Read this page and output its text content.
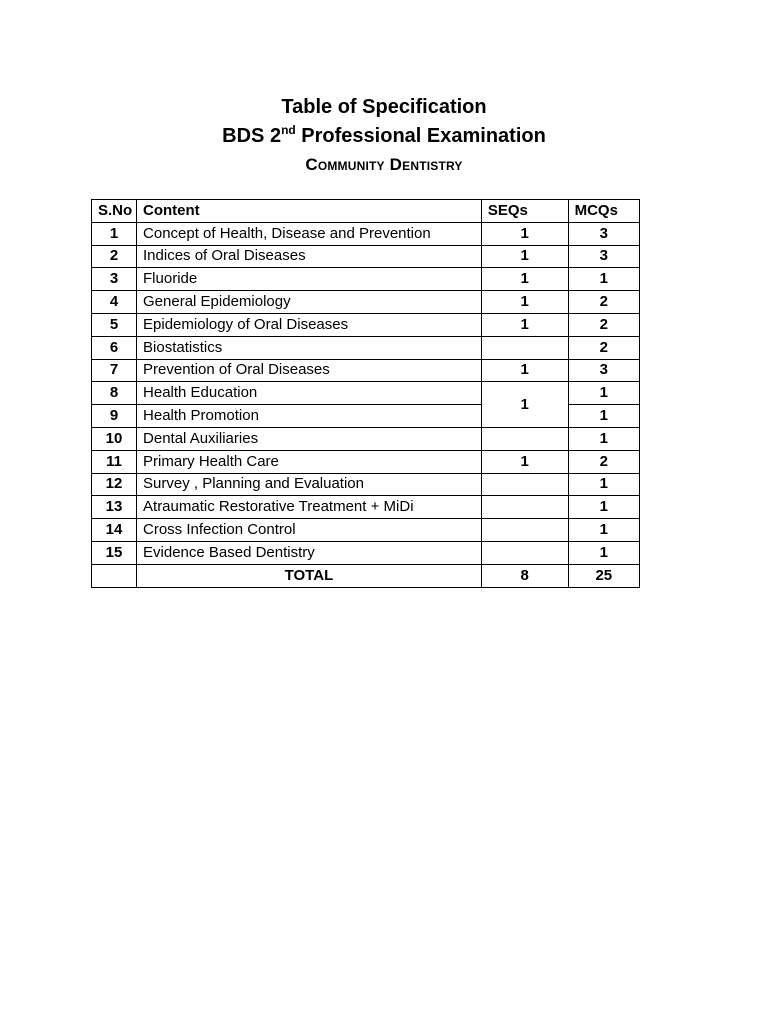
Table of Specification
BDS 2nd Professional Examination
Community Dentistry
S.No	Content	SEQs	MCQs
1	Concept of Health, Disease and Prevention	1	3
2	Indices of Oral Diseases	1	3
3	Fluoride	1	1
4	General Epidemiology	1	2
5	Epidemiology of Oral Diseases	1	2
6	Biostatistics		2
7	Prevention of Oral Diseases	1	3
8	Health Education	1	1
9	Health Promotion		1
10	Dental Auxiliaries		1
11	Primary Health Care	1	2
12	Survey , Planning and Evaluation		1
13	Atraumatic Restorative Treatment + MiDi		1
14	Cross Infection Control		1
15	Evidence Based Dentistry		1
	TOTAL	8	25
